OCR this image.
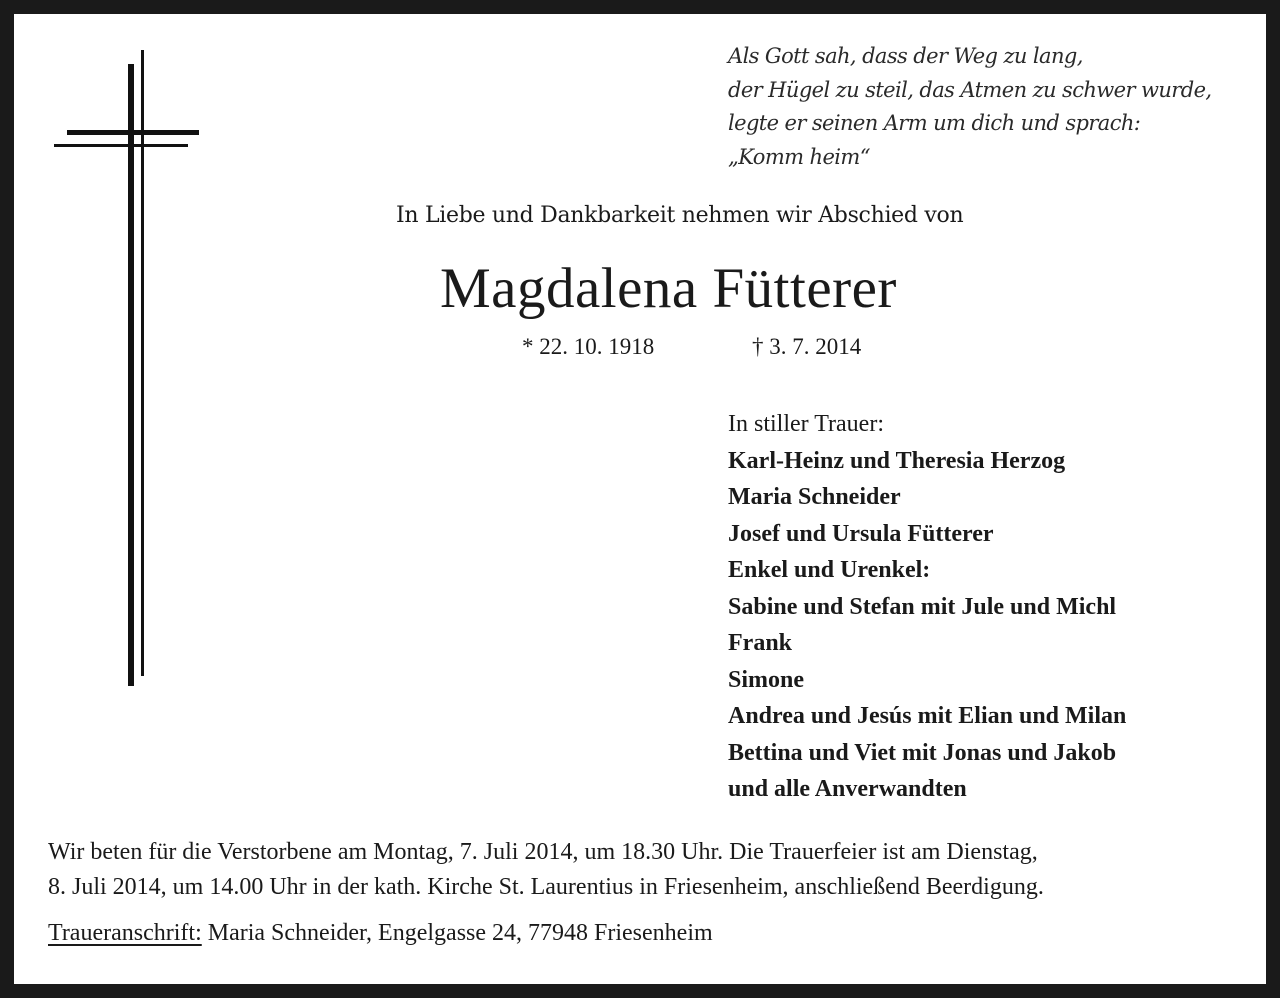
Als Gott sah, dass der Weg zu lang,
der Hügel zu steil, das Atmen zu schwer wurde,
legte er seinen Arm um dich und sprach:
„Komm heim“
In Liebe und Dankbarkeit nehmen wir Abschied von
Magdalena Fütterer
* 22. 10. 1918	† 3. 7. 2014
In stiller Trauer:
Karl-Heinz und Theresia Herzog
Maria Schneider
Josef und Ursula Fütterer
Enkel und Urenkel:
Sabine und Stefan mit Jule und Michl
Frank
Simone
Andrea und Jesús mit Elian und Milan
Bettina und Viet mit Jonas und Jakob
und alle Anverwandten
Wir beten für die Verstorbene am Montag, 7. Juli 2014, um 18.30 Uhr. Die Trauerfeier ist am Dienstag,
8. Juli 2014, um 14.00 Uhr in der kath. Kirche St. Laurentius in Friesenheim, anschließend Beerdigung.
Traueranschrift: Maria Schneider, Engelgasse 24, 77948 Friesenheim
